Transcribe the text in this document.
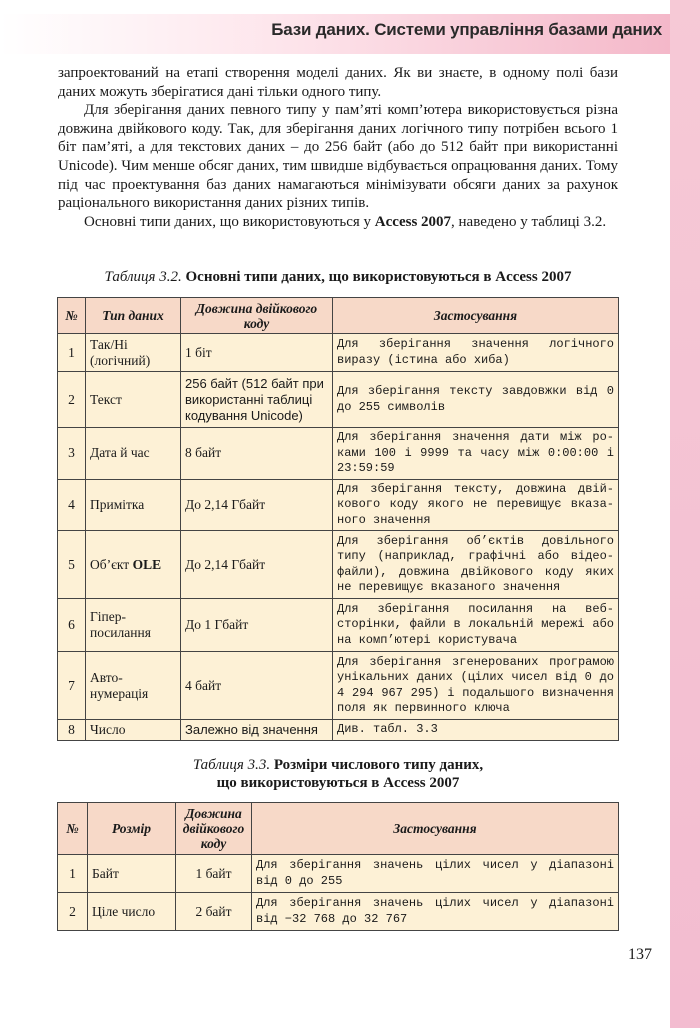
Бази даних. Системи управління базами даних

запроектований на етапі створення моделі даних. Як ви знаєте, в одному полі бази даних можуть зберігатися дані тільки одного типу.

Для зберігання даних певного типу у пам’яті комп’ютера використовується різна довжина двійкового коду. Так, для зберігання даних логічного типу потрібен всього 1 біт пам’яті, а для текстових даних – до 256 байт (або до 512 байт при використанні Unicode). Чим менше обсяг даних, тим швидше відбувається опрацювання даних. Тому під час проектування баз даних намагаються мінімізувати обсяги даних за рахунок раціонального використання даних різних типів.

Основні типи даних, що використовуються у Access 2007, наведено у таблиці 3.2.

Таблиця 3.2. Основні типи даних, що використовуються в Access 2007
№	Тип даних	Довжина двійкового коду	Застосування
1	Так/Ні (логічний)	1 біт	Для зберігання значення логічного виразу (істина або хиба)
2	Текст	256 байт (512 байт при використанні таблиці кодування Unicode)	Для зберігання тексту завдовжки від 0 до 255 символів
3	Дата й час	8 байт	Для зберігання значення дати між роками 100 і 9999 та часу між 0:00:00 і 23:59:59
4	Примітка	До 2,14 Гбайт	Для зберігання тексту, довжина двійкового коду якого не перевищує вказаного значення
5	Об’єкт OLE	До 2,14 Гбайт	Для зберігання об’єктів довільного типу (наприклад, графічні або відеофайли), довжина двійкового коду яких не перевищує вказаного значення
6	Гіперпосилання	До 1 Гбайт	Для зберігання посилання на вебсторінки, файли в локальній мережі або на комп’ютері користувача
7	Автонумерація	4 байт	Для зберігання згенерованих програмою унікальних даних (цілих чисел від 0 до 4 294 967 295) і подальшого визначення поля як первинного ключа
8	Число	Залежно від значення	Див. табл. 3.3
Таблиця 3.3. Розміри числового типу даних,
що використовуються в Access 2007
№	Розмір	Довжина двійкового коду	Застосування
1	Байт	1 байт	Для зберігання значень цілих чисел у діапазоні від 0 до 255
2	Ціле число	2 байт	Для зберігання значень цілих чисел у діапазоні від −32 768 до 32 767
137
